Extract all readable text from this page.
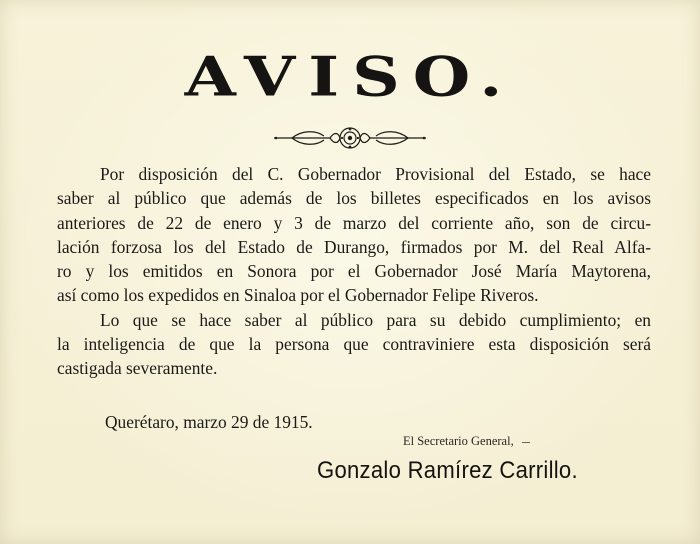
AVISO.
Por disposición del C. Gobernador Provisional del Estado, se hace
saber al público que además de los billetes especificados en los avisos
anteriores de 22 de enero y 3 de marzo del corriente año, son de circu-
lación forzosa los del Estado de Durango, firmados por M. del Real Alfa-
ro y los emitidos en Sonora por el Gobernador José María Maytorena,
así como los expedidos en Sinaloa por el Gobernador Felipe Riveros.
Lo que se hace saber al público para su debido cumplimiento; en
la inteligencia de que la persona que contraviniere esta disposición será
castigada severamente.
Querétaro, marzo 29 de 1915.
El Secretario General,
Gonzalo Ramírez Carrillo.
